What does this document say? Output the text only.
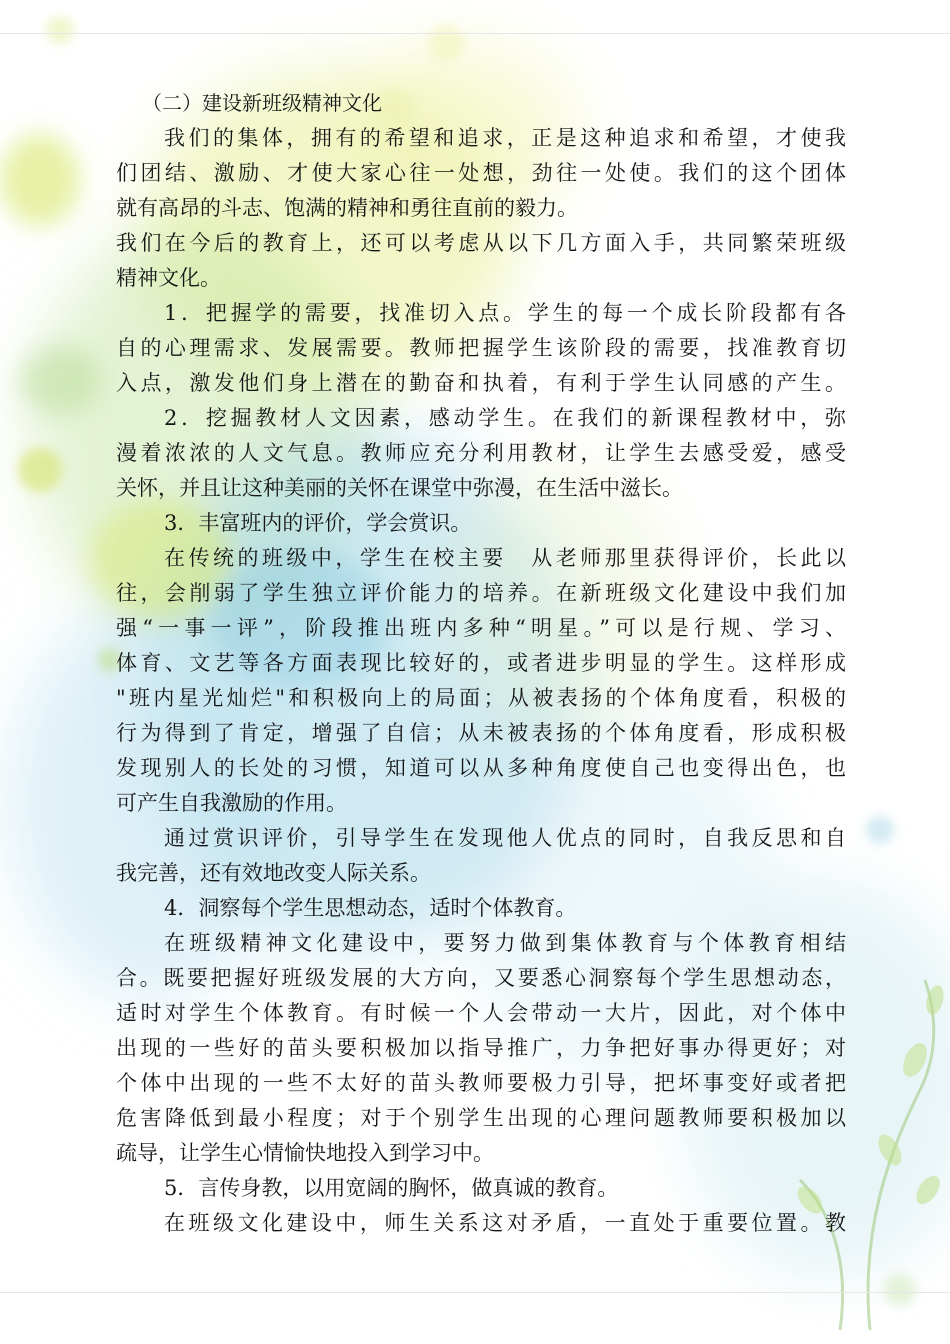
（二）建设新班级精神文化
我们的集体，拥有的希望和追求，正是这种追求和希望，才使我
们团结、激励、才使大家心往一处想，劲往一处使。我们的这个团体
就有高昂的斗志、饱满的精神和勇往直前的毅力。
我们在今后的教育上，还可以考虑从以下几方面入手，共同繁荣班级
精神文化。
1．把握学的需要，找准切入点。学生的每一个成长阶段都有各
自的心理需求、发展需要。教师把握学生该阶段的需要，找准教育切
入点，激发他们身上潜在的勤奋和执着，有利于学生认同感的产生。
2．挖掘教材人文因素，感动学生。在我们的新课程教材中，弥
漫着浓浓的人文气息。教师应充分利用教材，让学生去感受爱，感受
关怀，并且让这种美丽的关怀在课堂中弥漫，在生活中滋长。
3．丰富班内的评价，学会赏识。
在传统的班级中，学生在校主要　从老师那里获得评价，长此以
往，会削弱了学生独立评价能力的培养。在新班级文化建设中我们加
强“一事一评”，阶段推出班内多种“明星。”可以是行规、学习、
体育、文艺等各方面表现比较好的，或者进步明显的学生。这样形成
"班内星光灿烂"和积极向上的局面；从被表扬的个体角度看，积极的
行为得到了肯定，增强了自信；从未被表扬的个体角度看，形成积极
发现别人的长处的习惯，知道可以从多种角度使自己也变得出色，也
可产生自我激励的作用。
通过赏识评价，引导学生在发现他人优点的同时，自我反思和自
我完善，还有效地改变人际关系。
4．洞察每个学生思想动态，适时个体教育。
在班级精神文化建设中，要努力做到集体教育与个体教育相结
合。既要把握好班级发展的大方向，又要悉心洞察每个学生思想动态，
适时对学生个体教育。有时候一个人会带动一大片，因此，对个体中
出现的一些好的苗头要积极加以指导推广，力争把好事办得更好；对
个体中出现的一些不太好的苗头教师要极力引导，把坏事变好或者把
危害降低到最小程度；对于个别学生出现的心理问题教师要积极加以
疏导，让学生心情愉快地投入到学习中。
5．言传身教，以用宽阔的胸怀，做真诚的教育。
在班级文化建设中，师生关系这对矛盾，一直处于重要位置。教
